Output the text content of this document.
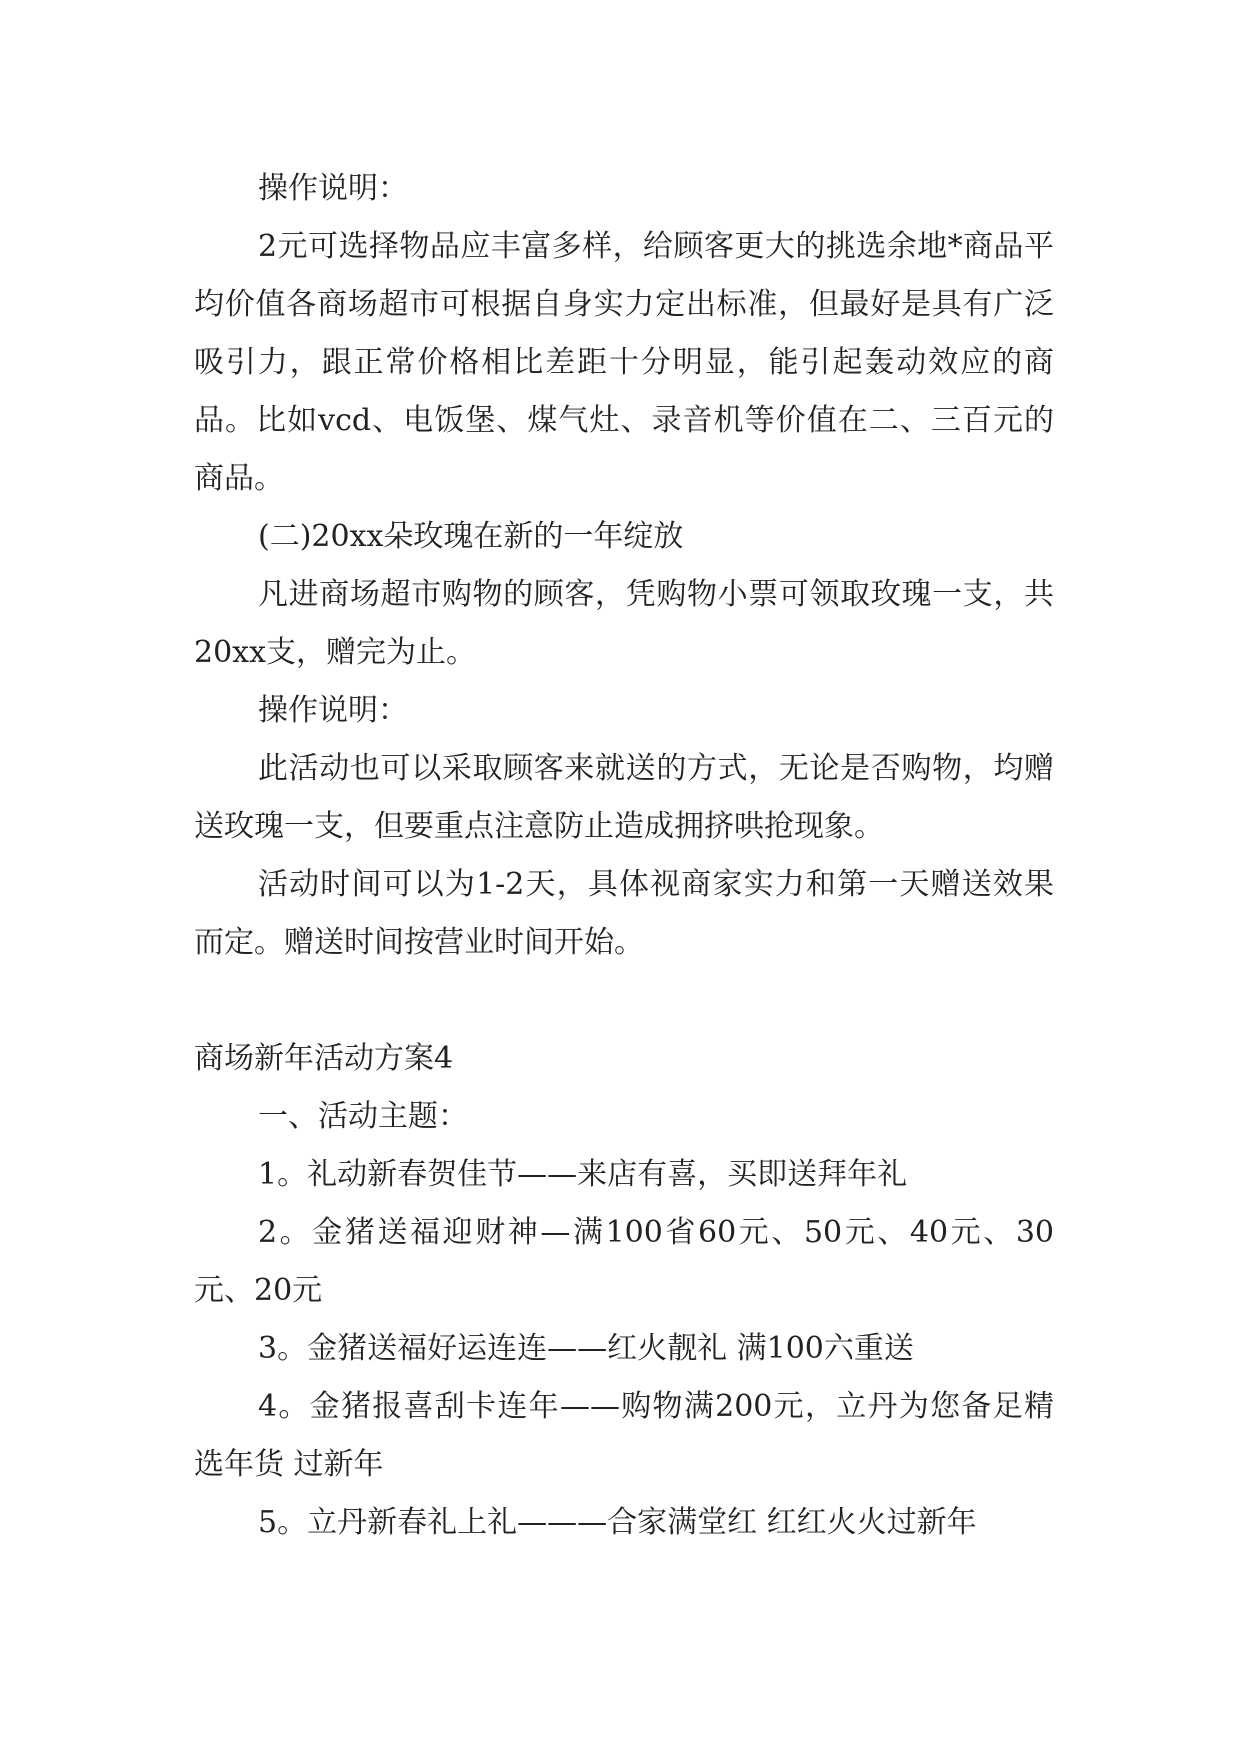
操作说明：

2元可选择物品应丰富多样，给顾客更大的挑选余地*商品平均价值各商场超市可根据自身实力定出标准，但最好是具有广泛吸引力，跟正常价格相比差距十分明显，能引起轰动效应的商品。比如vcd、电饭堡、煤气灶、录音机等价值在二、三百元的商品。

(二)20xx朵玫瑰在新的一年绽放

凡进商场超市购物的顾客，凭购物小票可领取玫瑰一支，共20xx支，赠完为止。

操作说明：

此活动也可以采取顾客来就送的方式，无论是否购物，均赠送玫瑰一支，但要重点注意防止造成拥挤哄抢现象。

活动时间可以为1-2天，具体视商家实力和第一天赠送效果而定。赠送时间按营业时间开始。

商场新年活动方案4

一、活动主题：

1。礼动新春贺佳节——来店有喜，买即送拜年礼

2。金猪送福迎财神—满100省60元、50元、40元、30元、20元

3。金猪送福好运连连——红火靓礼 满100六重送

4。金猪报喜刮卡连年——购物满200元，立丹为您备足精选年货 过新年

5。立丹新春礼上礼———合家满堂红 红红火火过新年
